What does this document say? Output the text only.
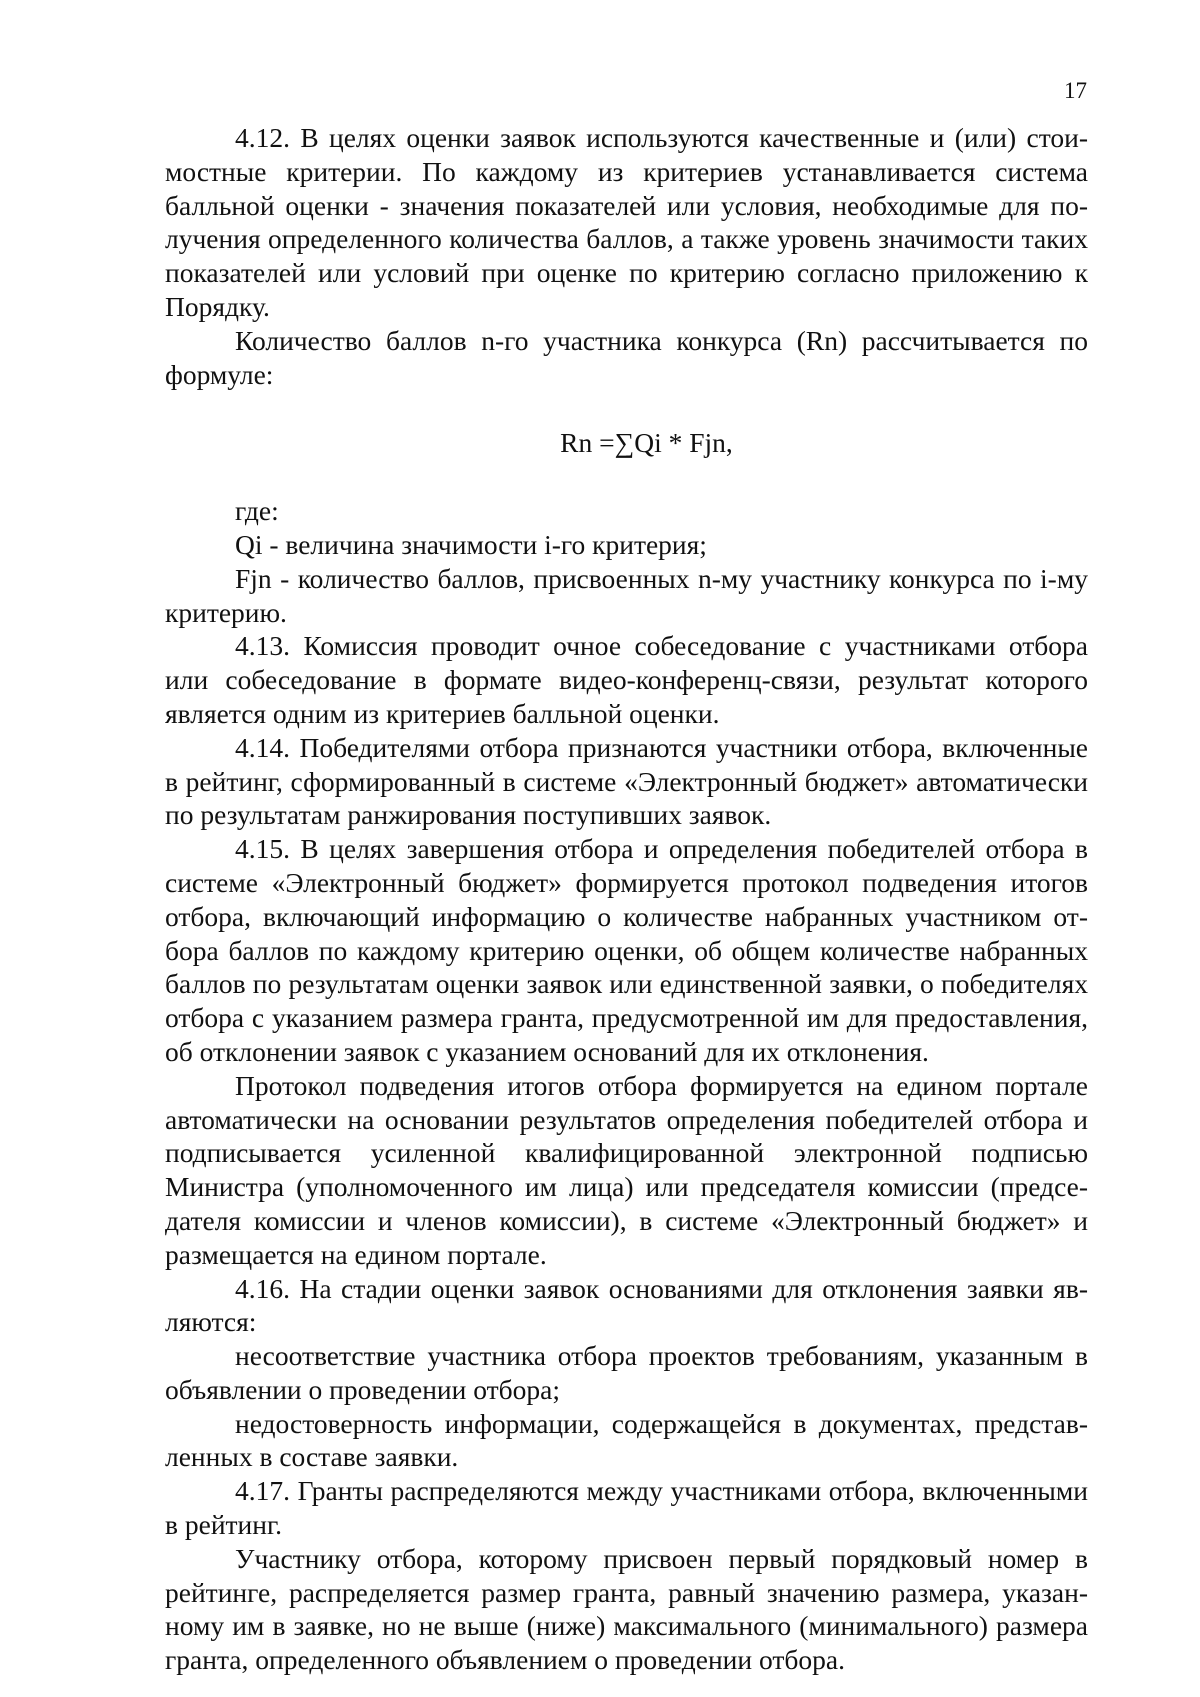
17

4.12. В целях оценки заявок используются качественные и (или) стоимостные критерии. По каждому из критериев устанавливается система балльной оценки - значения показателей или условия, необходимые для получения определенного количества баллов, а также уровень значимости таких показателей или условий при оценке по критерию согласно приложению к Порядку.

Количество баллов n-го участника конкурса (Rn) рассчитывается по формуле:

Rn =∑Qi * Fjn,

где:

Qi - величина значимости i-го критерия;

Fjn - количество баллов, присвоенных n-му участнику конкурса по i-му критерию.

4.13. Комиссия проводит очное собеседование с участниками отбора или собеседование в формате видео-конференц-связи, результат которого является одним из критериев балльной оценки.

4.14. Победителями отбора признаются участники отбора, включенные в рейтинг, сформированный в системе «Электронный бюджет» автоматически по результатам ранжирования поступивших заявок.

4.15. В целях завершения отбора и определения победителей отбора в системе «Электронный бюджет» формируется протокол подведения итогов отбора, включающий информацию о количестве набранных участником отбора баллов по каждому критерию оценки, об общем количестве набранных баллов по результатам оценки заявок или единственной заявки, о победителях отбора с указанием размера гранта, предусмотренной им для предоставления, об отклонении заявок с указанием оснований для их отклонения.

Протокол подведения итогов отбора формируется на едином портале автоматически на основании результатов определения победителей отбора и подписывается усиленной квалифицированной электронной подписью Министра (уполномоченного им лица) или председателя комиссии (председателя комиссии и членов комиссии), в системе «Электронный бюджет» и размещается на едином портале.

4.16. На стадии оценки заявок основаниями для отклонения заявки являются:

несоответствие участника отбора проектов требованиям, указанным в объявлении о проведении отбора;

недостоверность информации, содержащейся в документах, представленных в составе заявки.

4.17. Гранты распределяются между участниками отбора, включенными в рейтинг.

Участнику отбора, которому присвоен первый порядковый номер в рейтинге, распределяется размер гранта, равный значению размера, указанному им в заявке, но не выше (ниже) максимального (минимального) размера гранта, определенного объявлением о проведении отбора.
